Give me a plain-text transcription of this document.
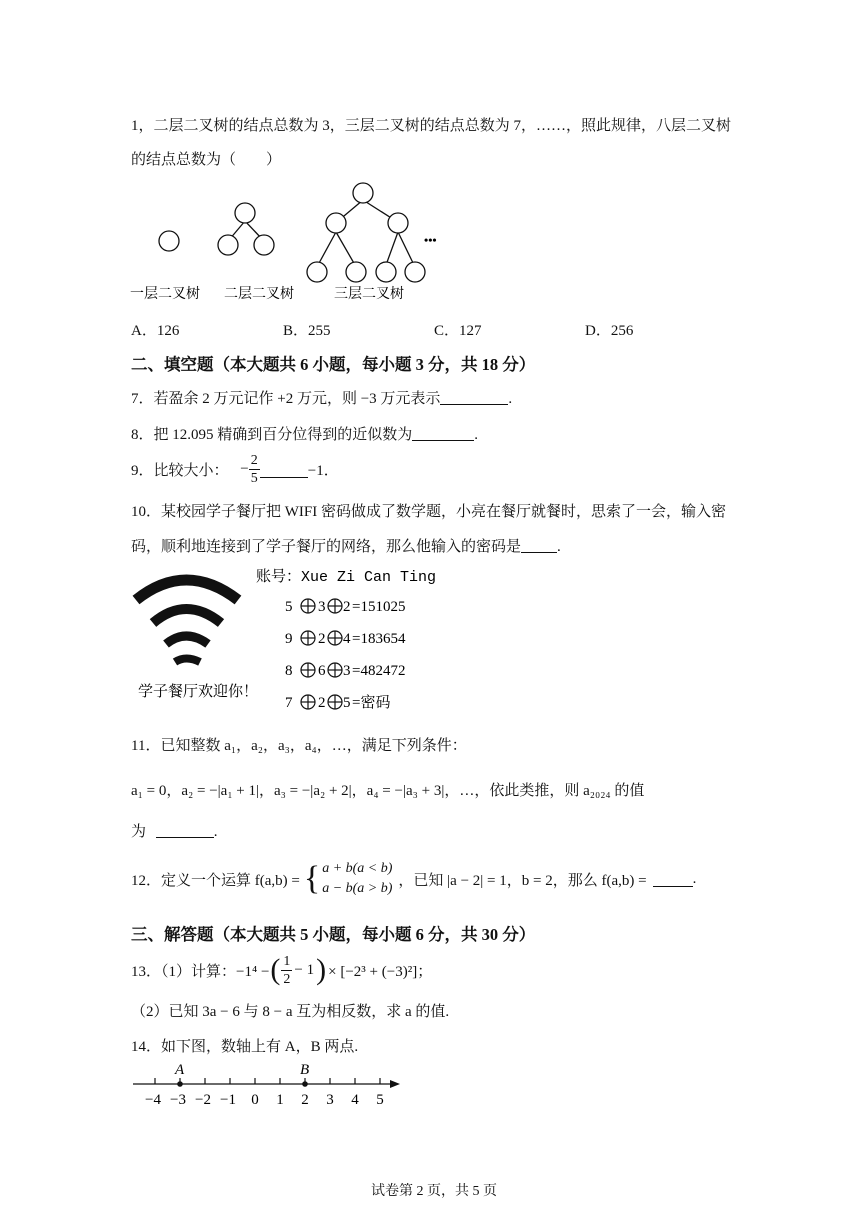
1，二层二叉树的结点总数为 3，三层二叉树的结点总数为 7，……，照此规律，八层二叉树
的结点总数为（　　）
•••
一层二叉树 二层二叉树	三层二叉树
A．126	B．255	C．127	D．256
二、填空题（本大题共 6 小题，每小题 3 分，共 18 分）
7．若盈余 2 万元记作 +2 万元，则 −3 万元表示	.
8．把 12.095 精确到百分位得到的近似数为	.
9．比较大小： − $\frac{2}{5}$	−1．
10．某校园学子餐厅把 WIFI 密码做成了数学题，小亮在餐厅就餐时，思索了一会，输入密
码，顺利地连接到了学子餐厅的网络，那么他输入的密码是 .
学子餐厅欢迎你！
账号：Xue Zi Can Ting
5 3 2 =151025
9 2 4 =183654
8 6 3 =482472
7 2 5 =密码
11．已知整数 a₁，a₂，a₃，a₄，…，满足下列条件：
a₁ = 0，a₂ = −|a₁ + 1|，a₃ = −|a₂ + 2|，a₄ = −|a₃ + 3|，…，依此类推，则 a₂₀₂₄ 的值
为	.
12．定义一个运算 f(a,b) = { a + b(a < b)
a − b(a > b) ，已知 |a − 2| = 1，b = 2，那么 f(a,b) =	.
三、解答题（本大题共 5 小题，每小题 6 分，共 30 分）
13．（1）计算：−1⁴ − ( $\frac{1}{2} - 1$ ) × [−2³ + (−3)²]；
（2）已知 3a − 6 与 8 − a 互为相反数，求 a 的值.
14．如下图，数轴上有 A，B 两点.
A	B
−4 −3 −2 −1 0 1 2 3 4 5
试卷第 2 页，共 5 页
